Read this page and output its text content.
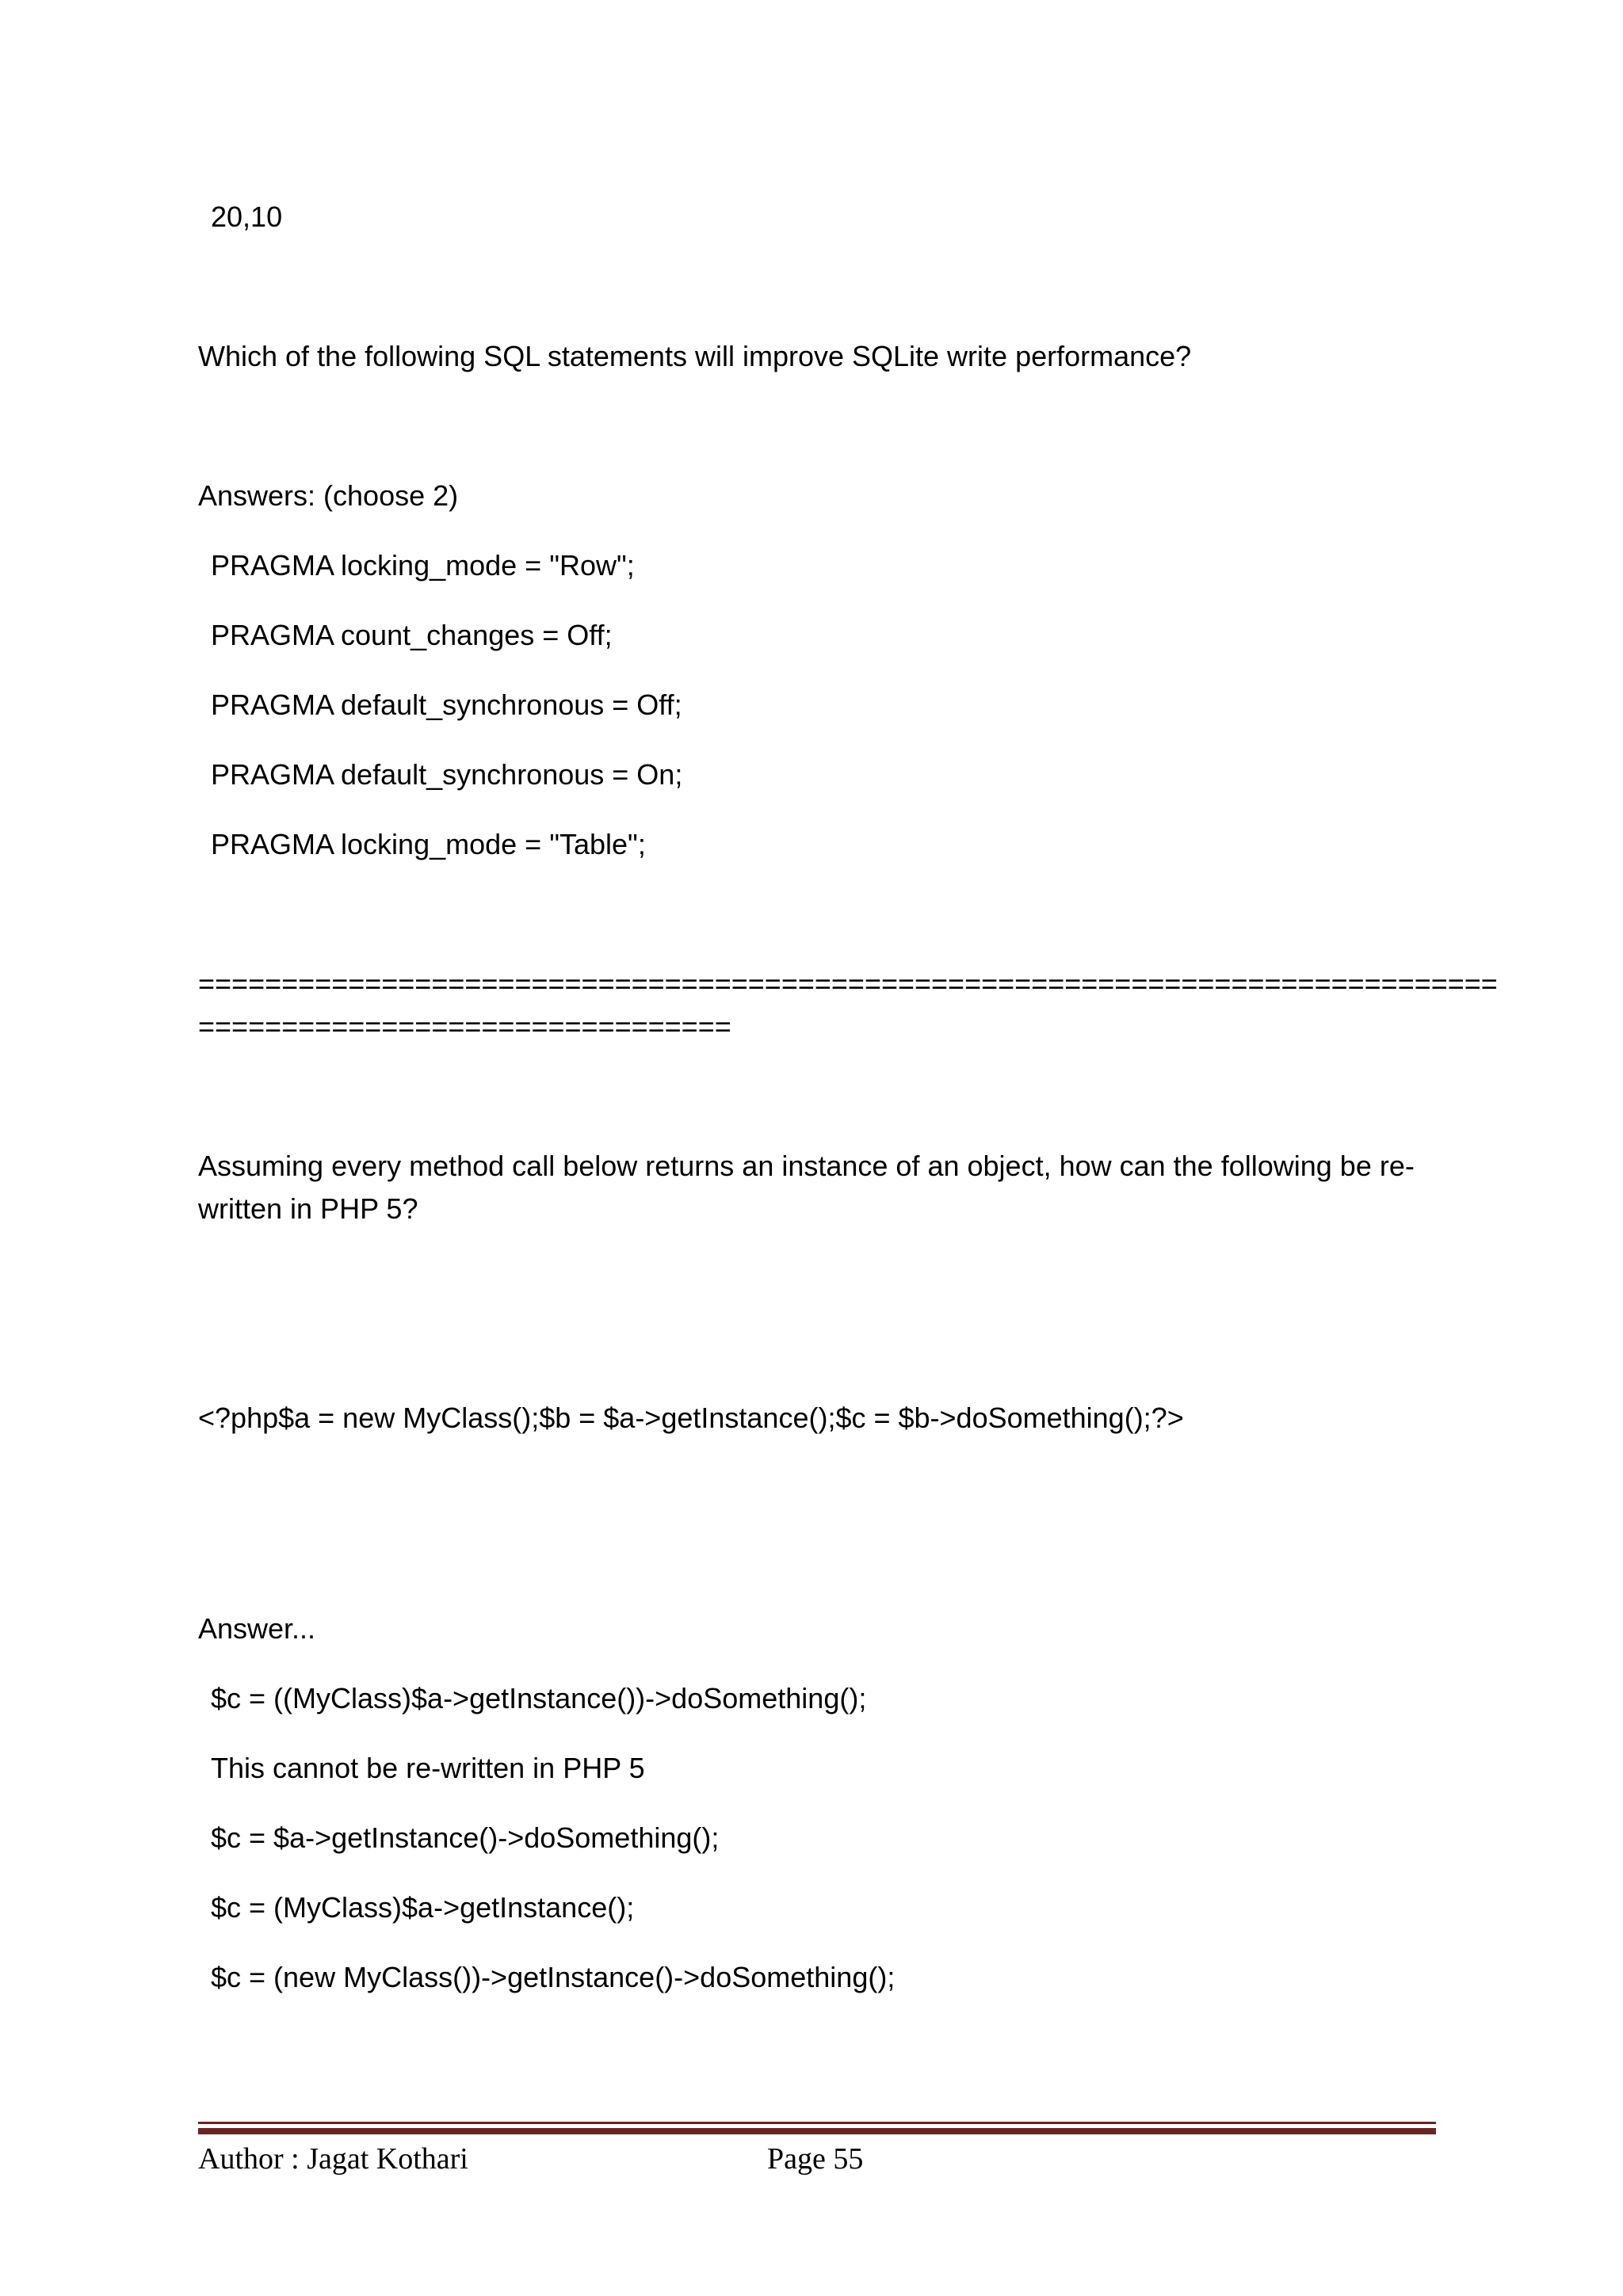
20,10

Which of the following SQL statements will improve SQLite write performance?

Answers: (choose 2)

PRAGMA locking_mode = "Row";

PRAGMA count_changes = Off;

PRAGMA default_synchronous = Off;

PRAGMA default_synchronous = On;

PRAGMA locking_mode = "Table";

==============================================================================

================================

Assuming every method call below returns an instance of an object, how can the following be re-

written in PHP 5?

<?php$a = new MyClass();$b = $a->getInstance();$c = $b->doSomething();?>

Answer...

$c = ((MyClass)$a->getInstance())->doSomething();

This cannot be re-written in PHP 5

$c = $a->getInstance()->doSomething();

$c = (MyClass)$a->getInstance();

$c = (new MyClass())->getInstance()->doSomething();

Author : Jagat Kothari	Page 55
